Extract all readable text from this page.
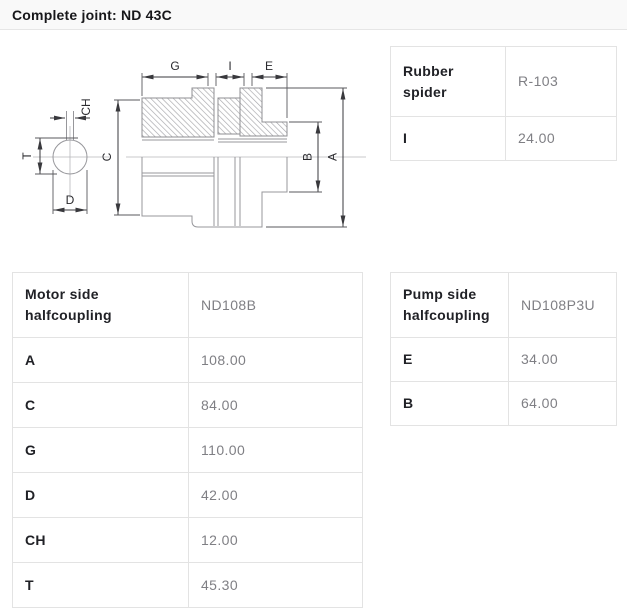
Complete joint: ND 43C
CH
T
D
G	I	E
C	B A
Rubber spider	R-103
I	24.00
Motor side halfcoupling	ND108B
A	108.00
C	84.00
G	110.00
D	42.00
CH	12.00
T	45.30
Pump side halfcoupling	ND108P3U
E	34.00
B	64.00
